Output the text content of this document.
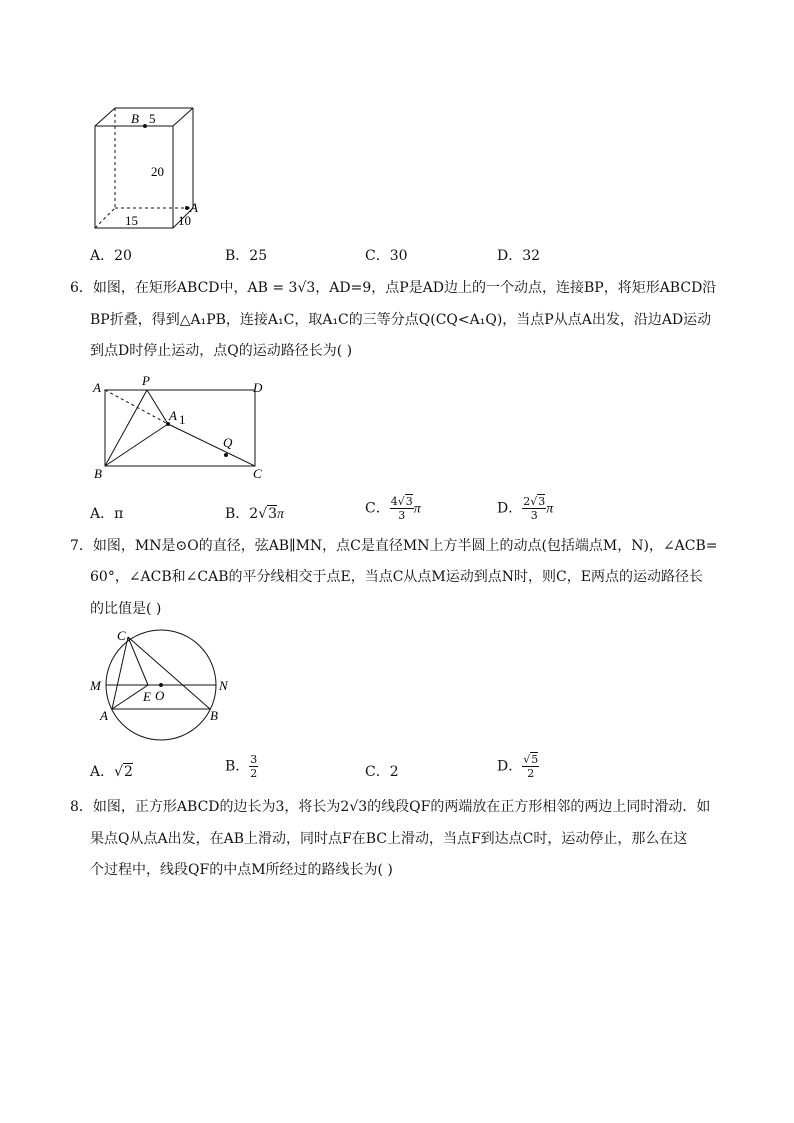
B 5
20
15
A
10
A．20	B．25	C．30	D．32
6．如图，在矩形ABCD中，AB = 3√3，AD=9，点P是AD边上的一个动点，连接BP，将矩形ABCD沿
BP折叠，得到△A₁PB，连接A₁C，取A₁C的三等分点Q(CQ<A₁Q)，当点P从点A出发，沿边AD运动
到点D时停止运动，点Q的运动路径长为( )
A	P	D
A 1
Q
B	C
A．π	B．2√3π	C． $\frac{4√3}{3}$ π	D． $\frac{2√3}{3}$ π
7．如图，MN是⊙O的直径，弦AB∥MN，点C是直径MN上方半圆上的动点(包括端点M，N)，∠ACB=
60°，∠ACB和∠CAB的平分线相交于点E，当点C从点M运动到点N时，则C，E两点的运动路径长
的比值是( )
C
M	N
E O
A	B
A．√2	B． $\frac{3}{2}$	C．2	D． $\frac{√5}{2}$
8．如图，正方形ABCD的边长为3，将长为2√3的线段QF的两端放在正方形相邻的两边上同时滑动．如
果点Q从点A出发，在AB上滑动，同时点F在BC上滑动，当点F到达点C时，运动停止，那么在这
个过程中，线段QF的中点M所经过的路线长为( )
